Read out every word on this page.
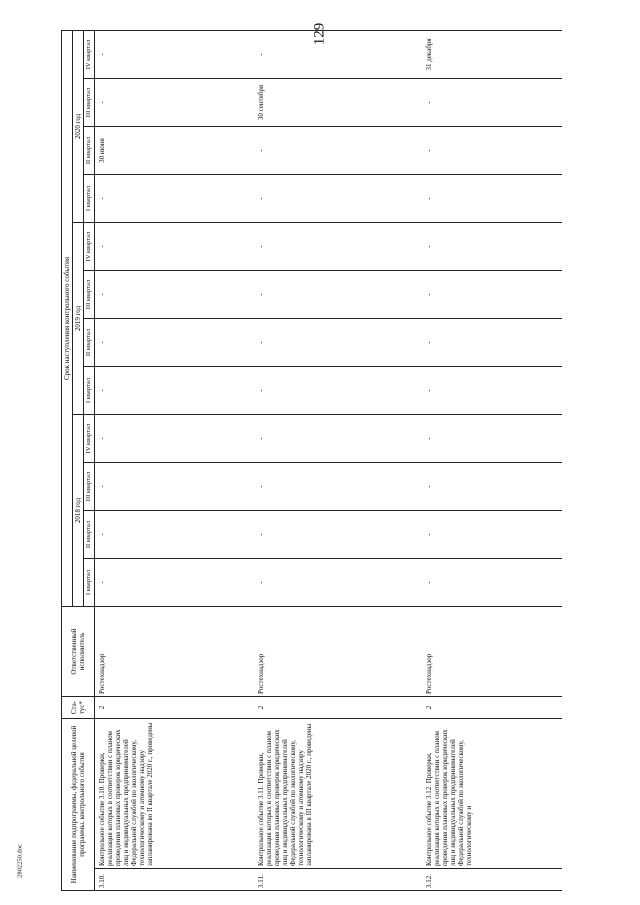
129
2802250.doc	Наименование подпрограммы, федеральной целевой программы, контрольного события		Ста-тус*	Ответственный исполнитель	Срок наступления контрольного события											
				2018 год				2019 год				2020 год			
				I квартал	II квартал	III квартал	IV квартал	I квартал	II квартал	III квартал	IV квартал	I квартал	II квартал	III квартал	IV квартал
3.10.	Контрольное событие 3.10. Проверки, реализация которых в соответствии с планом проведения плановых проверок юридических лиц и индивидуальных предпринимателей Федеральной службой по экологическому, технологическому и атомному надзору запланирована во II квартале 2020 г., проведены	2	Ростехнадзор	-	-	-	-	-	-	-	-	-	30 июня	-	-
3.11.	Контрольное событие 3.11. Проверки, реализация которых в соответствии с планом проведения плановых проверок юридических лиц и индивидуальных предпринимателей Федеральной службой по экологическому, технологическому и атомному надзору запланирована в III квартале 2020 г., проведены	2	Ростехнадзор	-	-	-	-	-	-	-	-	-	-	30 сентября	-
3.12.	Контрольное событие 3.12. Проверки, реализация которых в соответствии с планом проведения плановых проверок юридических лиц и индивидуальных предпринимателей Федеральной службой по экологическому, технологическому и	2	Ростехнадзор	-	-	-	-	-	-	-	-	-	-	-	31 декабря
